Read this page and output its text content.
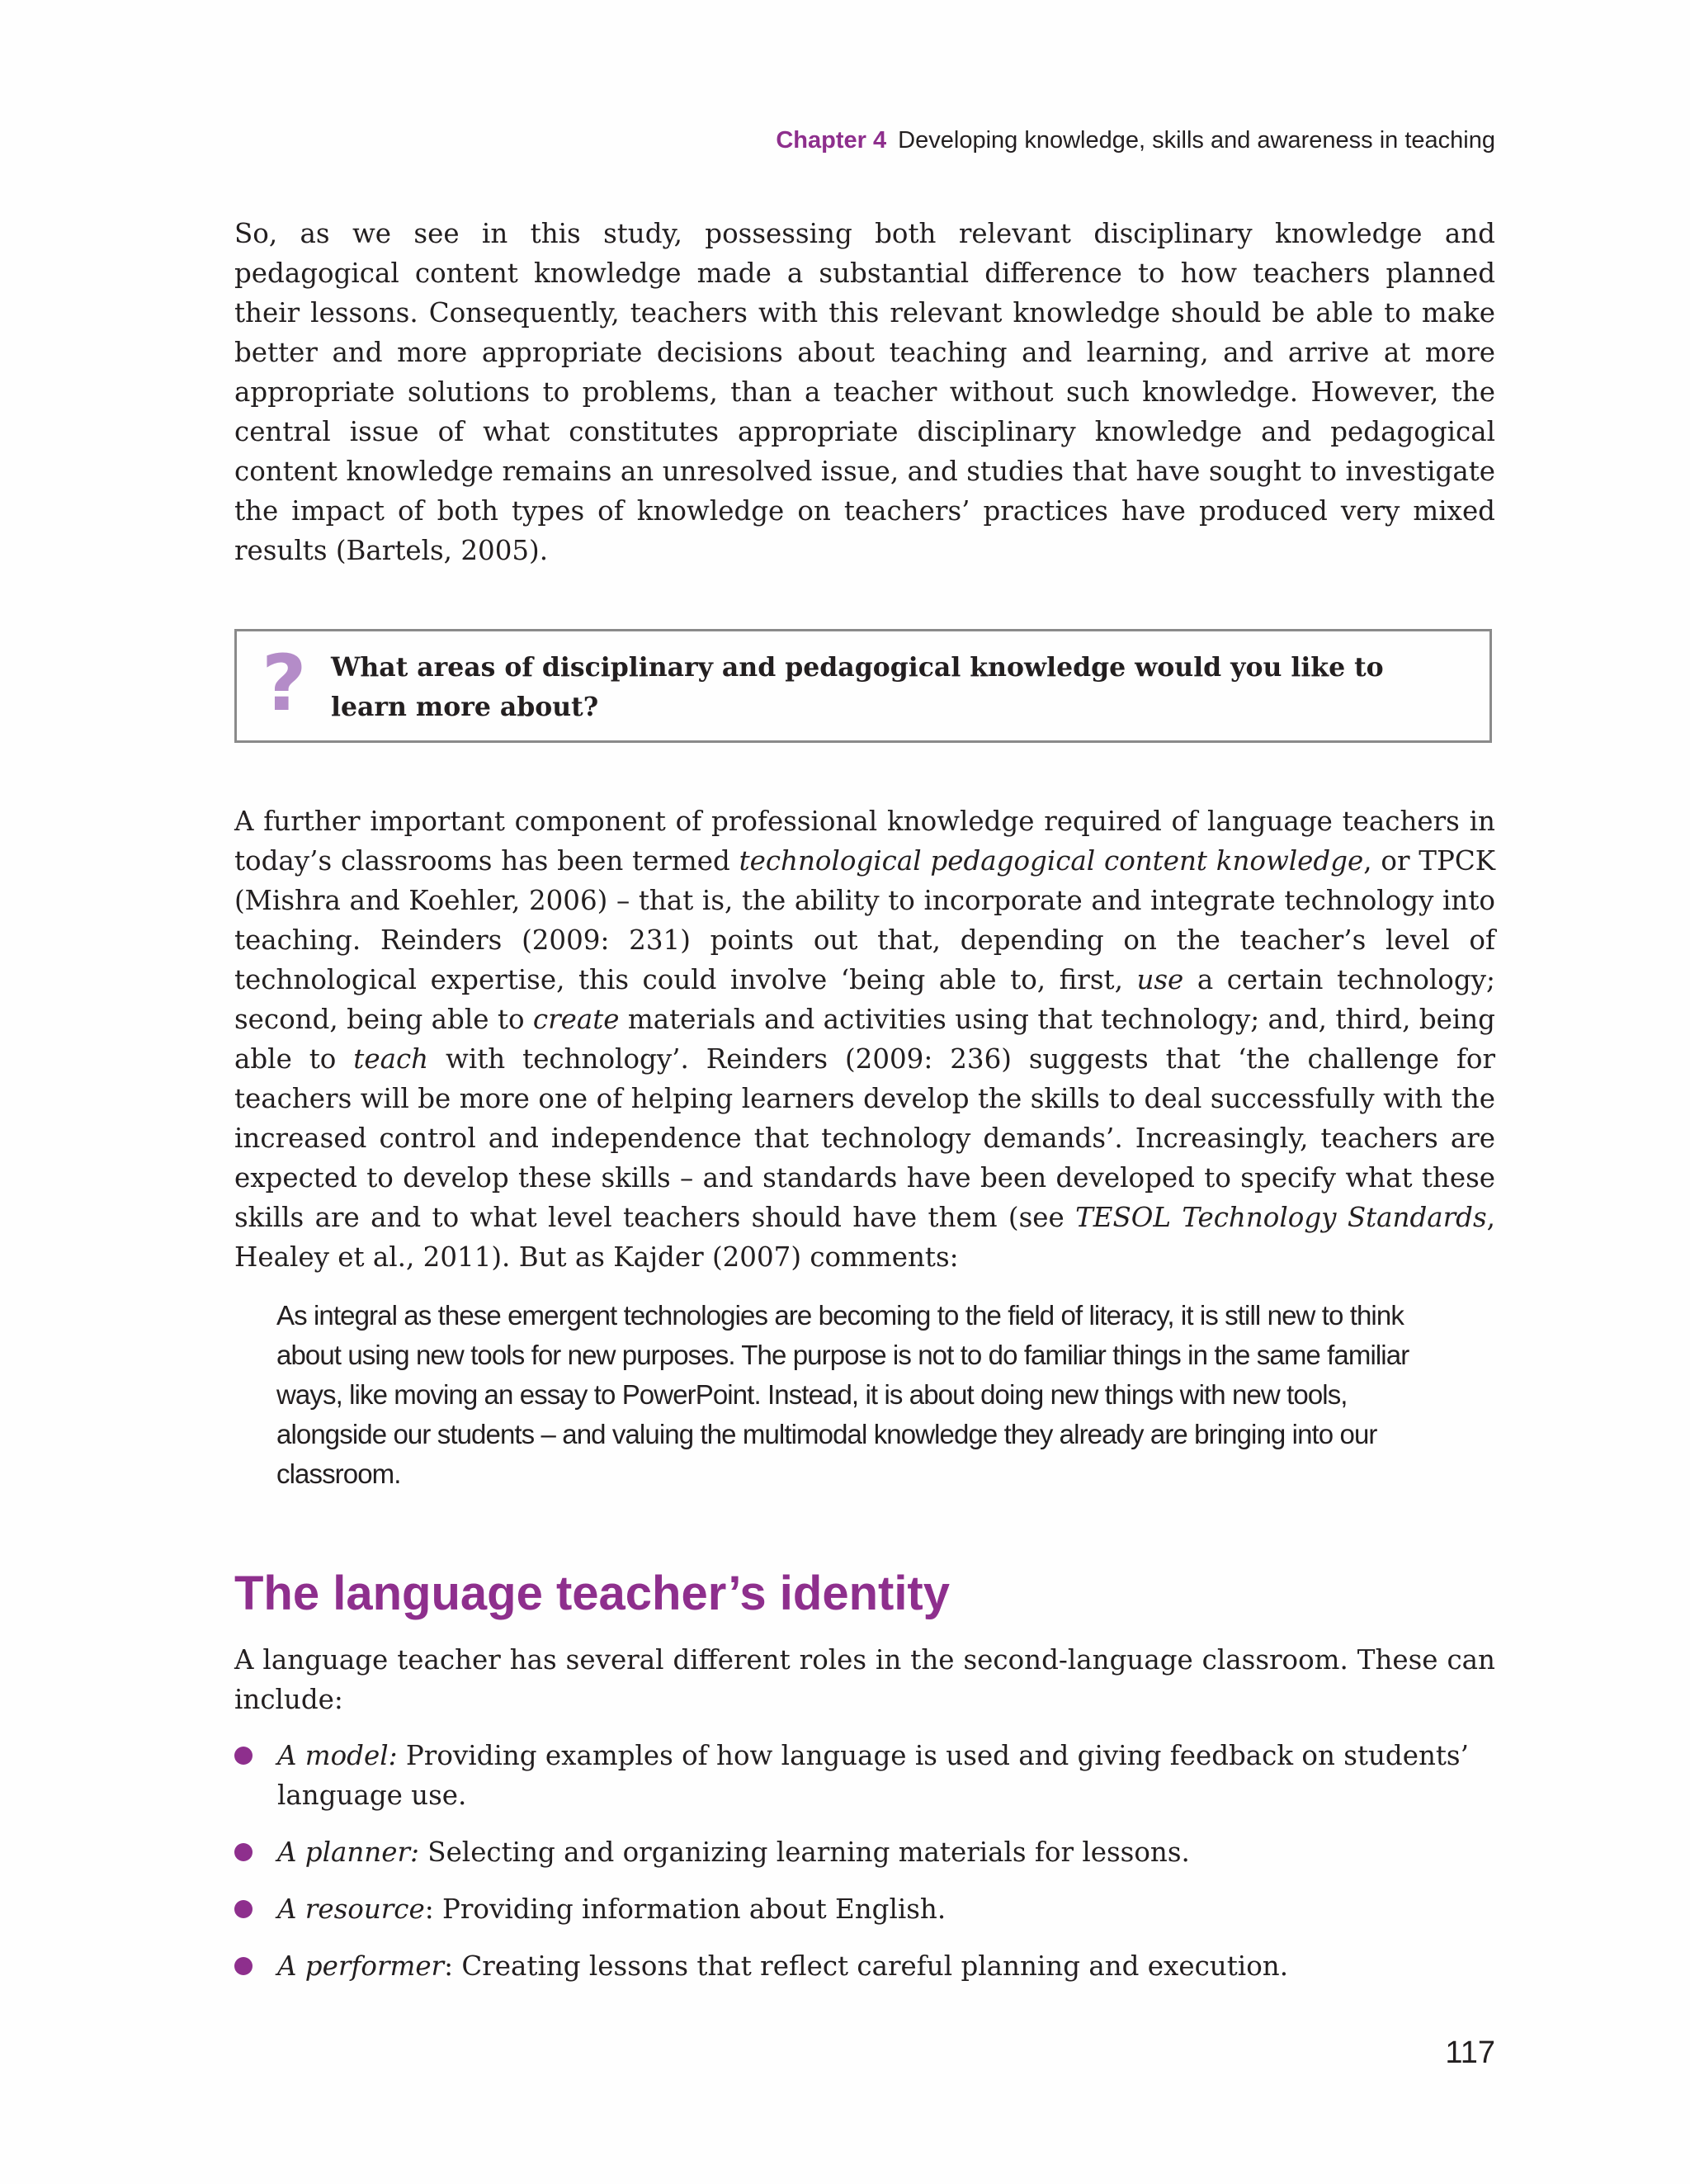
Chapter 4 Developing knowledge, skills and awareness in teaching

So, as we see in this study, possessing both relevant disciplinary knowledge and pedagogical content knowledge made a substantial difference to how teachers planned their lessons. Consequently, teachers with this relevant knowledge should be able to make better and more appropriate decisions about teaching and learning, and arrive at more appropriate solutions to problems, than a teacher without such knowledge. However, the central issue of what constitutes appropriate disciplinary knowledge and pedagogical content knowledge remains an unresolved issue, and studies that have sought to investigate the impact of both types of knowledge on teachers’ practices have produced very mixed results (Bartels, 2005).

? What areas of disciplinary and pedagogical knowledge would you like to learn more about?

A further important component of professional knowledge required of language teachers in today’s classrooms has been termed technological pedagogical content knowledge, or TPCK (Mishra and Koehler, 2006) – that is, the ability to incorporate and integrate technology into teaching. Reinders (2009: 231) points out that, depending on the teacher’s level of technological expertise, this could involve ‘being able to, first, use a certain technology; second, being able to create materials and activities using that technology; and, third, being able to teach with technology’. Reinders (2009: 236) suggests that ‘the challenge for teachers will be more one of helping learners develop the skills to deal successfully with the increased control and independence that technology demands’. Increasingly, teachers are expected to develop these skills – and standards have been developed to specify what these skills are and to what level teachers should have them (see TESOL Technology Standards, Healey et al., 2011). But as Kajder (2007) comments:

As integral as these emergent technologies are becoming to the field of literacy, it is still new to think about using new tools for new purposes. The purpose is not to do familiar things in the same familiar ways, like moving an essay to PowerPoint. Instead, it is about doing new things with new tools, alongside our students – and valuing the multimodal knowledge they already are bringing into our classroom.
The language teacher’s identity

A language teacher has several different roles in the second-language classroom. These can include:

A model: Providing examples of how language is used and giving feedback on students’ language use.
A planner: Selecting and organizing learning materials for lessons.
A resource: Providing information about English.
A performer: Creating lessons that reflect careful planning and execution.
117
